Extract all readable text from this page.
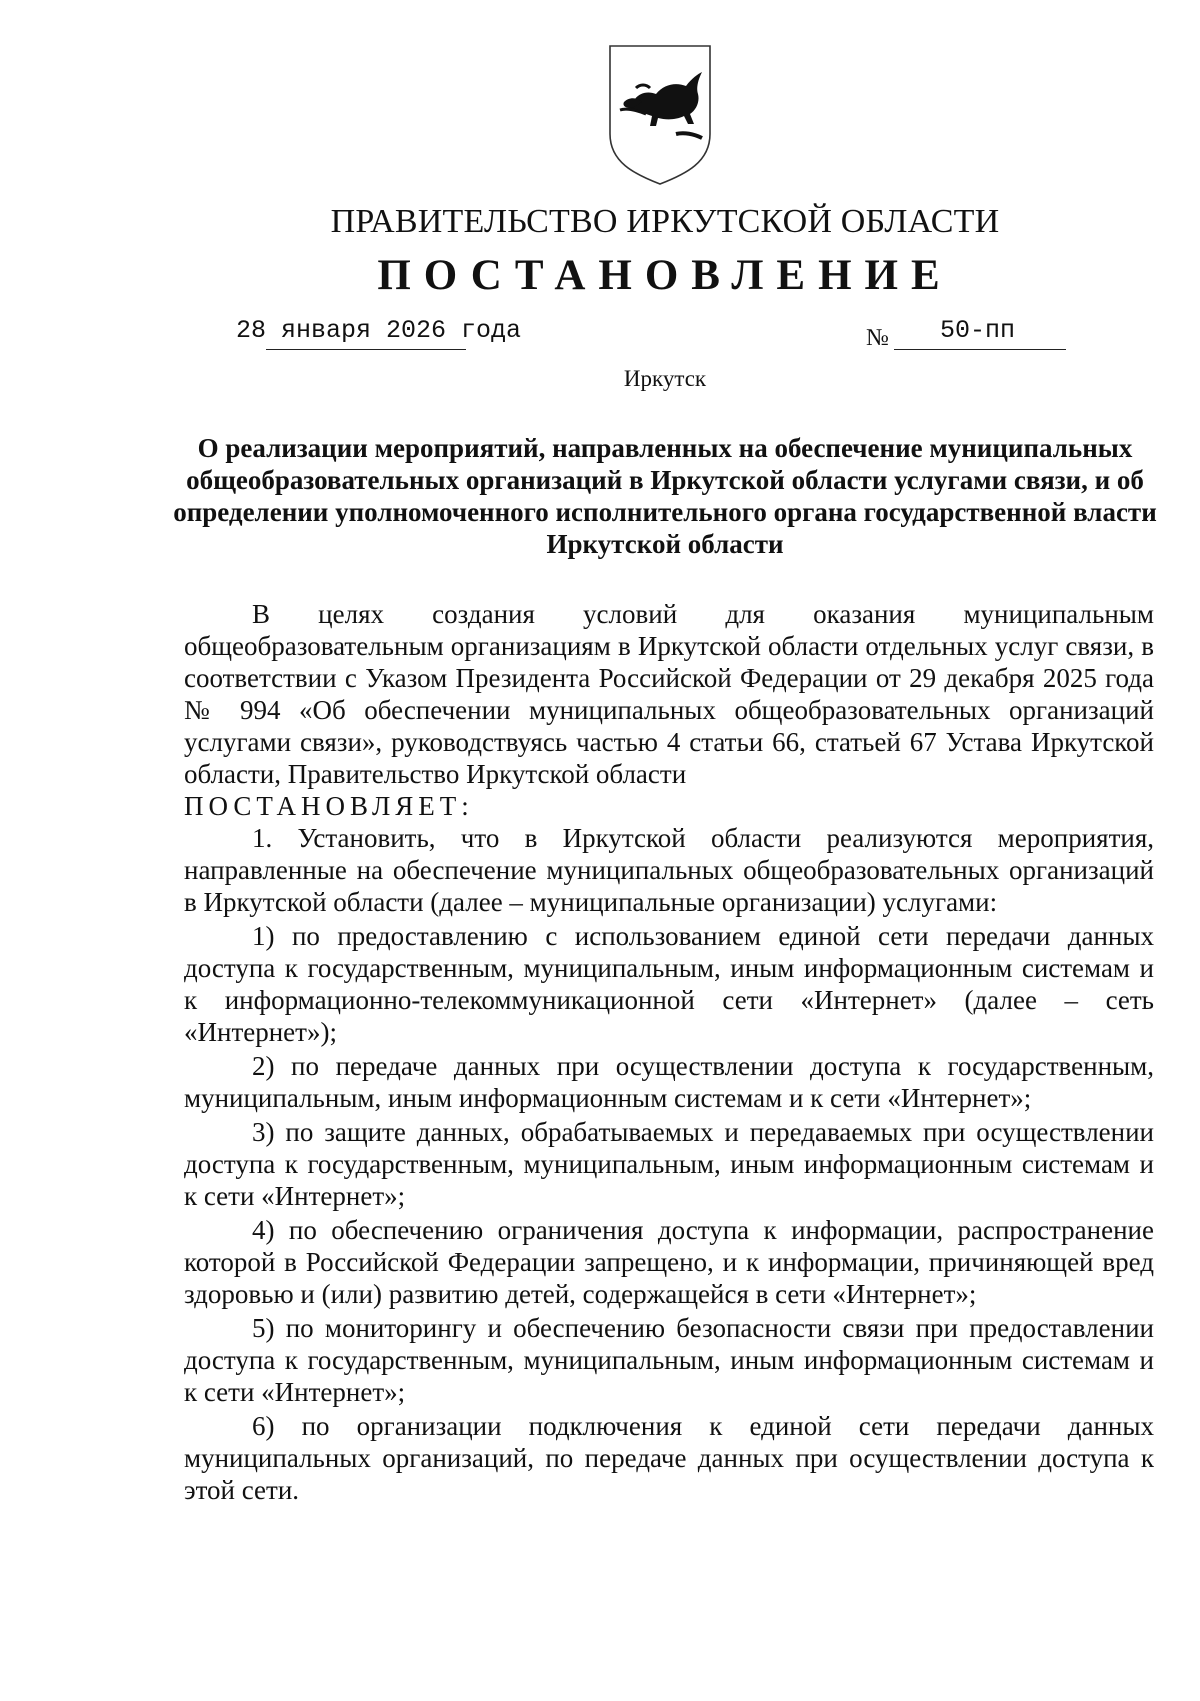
ПРАВИТЕЛЬСТВО ИРКУТСКОЙ ОБЛАСТИ
ПОСТАНОВЛЕНИЕ
28 января 2026 года	№ 50-пп
Иркутск
О реализации мероприятий, направленных на обеспечение муниципальных общеобразовательных организаций в Иркутской области услугами связи, и об определении уполномоченного исполнительного органа государственной власти Иркутской области

В целях создания условий для оказания муниципальным общеобразовательным организациям в Иркутской области отдельных услуг связи, в соответствии с Указом Президента Российской Федерации от 29 декабря 2025 года № 994 «Об обеспечении муниципальных общеобразовательных организаций услугами связи», руководствуясь частью 4 статьи 66, статьей 67 Устава Иркутской области, Правительство Иркутской области

ПОСТАНОВЛЯЕТ:

1. Установить, что в Иркутской области реализуются мероприятия, направленные на обеспечение муниципальных общеобразовательных организаций в Иркутской области (далее – муниципальные организации) услугами:

1) по предоставлению с использованием единой сети передачи данных доступа к государственным, муниципальным, иным информационным системам и к информационно-телекоммуникационной сети «Интернет» (далее – сеть «Интернет»);

2) по передаче данных при осуществлении доступа к государственным, муниципальным, иным информационным системам и к сети «Интернет»;

3) по защите данных, обрабатываемых и передаваемых при осуществлении доступа к государственным, муниципальным, иным информационным системам и к сети «Интернет»;

4) по обеспечению ограничения доступа к информации, распространение которой в Российской Федерации запрещено, и к информации, причиняющей вред здоровью и (или) развитию детей, содержащейся в сети «Интернет»;

5) по мониторингу и обеспечению безопасности связи при предоставлении доступа к государственным, муниципальным, иным информационным системам и к сети «Интернет»;

6) по организации подключения к единой сети передачи данных муниципальных организаций, по передаче данных при осуществлении доступа к этой сети.
